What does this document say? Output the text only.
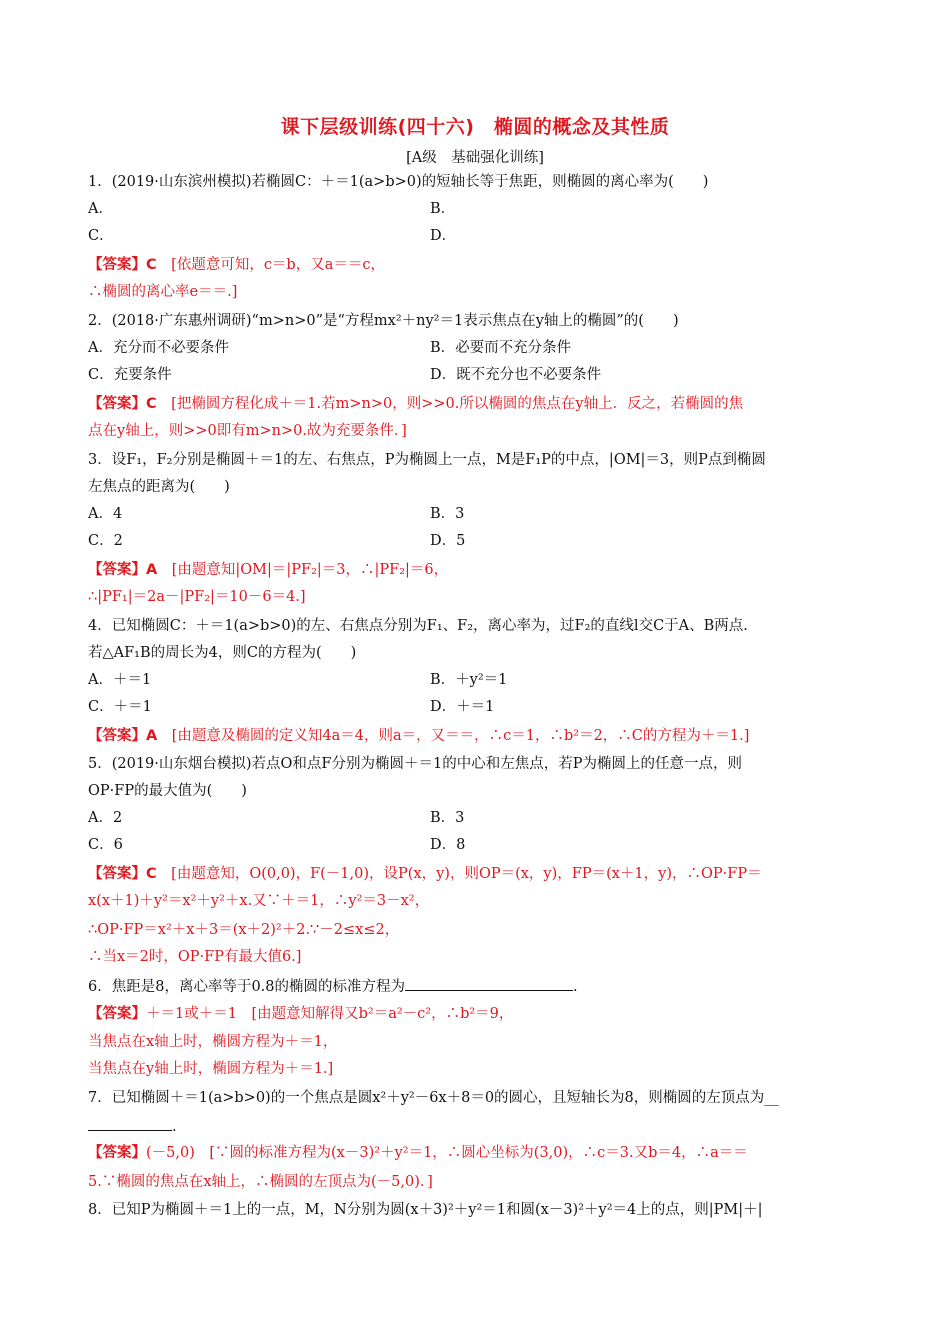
课下层级训练(四十六)　椭圆的概念及其性质
[A级　基础强化训练]
1．(2019·山东滨州模拟)若椭圆C：＋＝1(a>b>0)的短轴长等于焦距，则椭圆的离心率为(　　)
A．	B．
C．	D．
【答案】C　[依题意可知，c＝b，又a＝＝c，
∴椭圆的离心率e＝＝.]
2．(2018·广东惠州调研)“m>n>0”是“方程mx²＋ny²＝1表示焦点在y轴上的椭圆”的(　　)
A．充分而不必要条件	B．必要而不充分条件
C．充要条件	D．既不充分也不必要条件
【答案】C　[把椭圆方程化成＋＝1.若m>n>0，则>>0.所以椭圆的焦点在y轴上．反之，若椭圆的焦
点在y轴上，则>>0即有m>n>0.故为充要条件．]
3．设F₁，F₂分别是椭圆＋＝1的左、右焦点，P为椭圆上一点，M是F₁P的中点，|OM|＝3，则P点到椭圆
左焦点的距离为(　　)
A．4	B．3
C．2	D．5
【答案】A　[由题意知|OM|＝|PF₂|＝3，∴|PF₂|＝6，
∴|PF₁|＝2a－|PF₂|＝10－6＝4.]
4．已知椭圆C：＋＝1(a>b>0)的左、右焦点分别为F₁、F₂，离心率为，过F₂的直线l交C于A、B两点.
若△AF₁B的周长为4，则C的方程为(　　)
A．＋＝1	B．＋y²＝1
C．＋＝1	D．＋＝1
【答案】A　[由题意及椭圆的定义知4a＝4，则a＝，又＝＝，∴c＝1，∴b²＝2，∴C的方程为＋＝1.]
5．(2019·山东烟台模拟)若点O和点F分别为椭圆＋＝1的中心和左焦点，若P为椭圆上的任意一点，则
OP·FP的最大值为(　　)
A．2	B．3
C．6	D．8
【答案】C　[由题意知，O(0,0)，F(－1,0)，设P(x，y)，则OP＝(x，y)，FP＝(x＋1，y)，∴OP·FP＝
x(x＋1)＋y²＝x²＋y²＋x.又∵＋＝1，∴y²＝3－x²，
∴OP·FP＝x²＋x＋3＝(x＋2)²＋2.∵－2≤x≤2，
∴当x＝2时，OP·FP有最大值6.]
6．焦距是8，离心率等于0.8的椭圆的标准方程为	.
【答案】＋＝1或＋＝1　[由题意知解得又b²＝a²－c²，∴b²＝9，
当焦点在x轴上时，椭圆方程为＋＝1，
当焦点在y轴上时，椭圆方程为＋＝1.]
7．已知椭圆＋＝1(a>b>0)的一个焦点是圆x²＋y²－6x＋8＝0的圆心，且短轴长为8，则椭圆的左顶点为__
.
【答案】(－5,0)　[∵圆的标准方程为(x－3)²＋y²＝1，∴圆心坐标为(3,0)，∴c＝3.又b＝4，∴a＝＝
5.∵椭圆的焦点在x轴上，∴椭圆的左顶点为(－5,0)．]
8．已知P为椭圆＋＝1上的一点，M，N分别为圆(x＋3)²＋y²＝1和圆(x－3)²＋y²＝4上的点，则|PM|＋|
